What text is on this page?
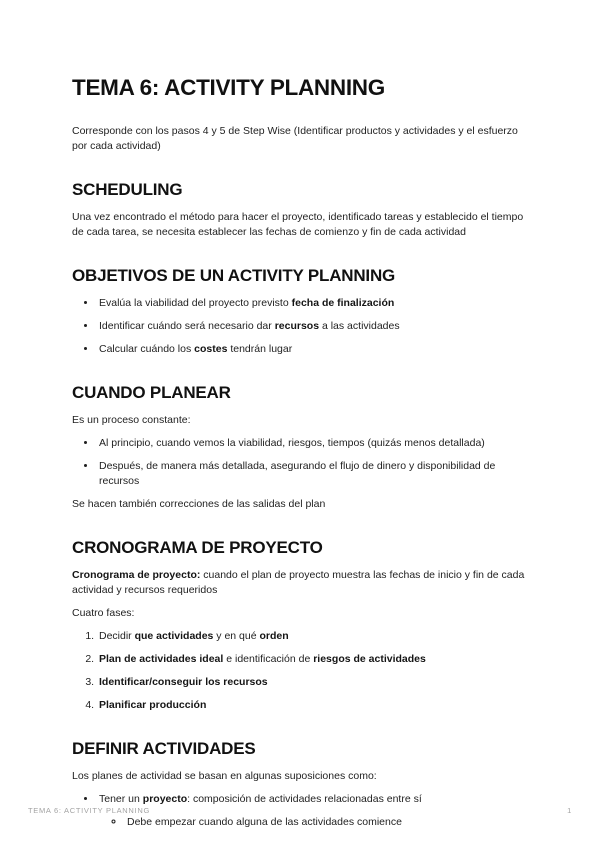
TEMA 6: ACTIVITY PLANNING

Corresponde con los pasos 4 y 5 de Step Wise (Identificar productos y actividades y el esfuerzo por cada actividad)

SCHEDULING

Una vez encontrado el método para hacer el proyecto, identificado tareas y establecido el tiempo de cada tarea, se necesita establecer las fechas de comienzo y fin de cada actividad

OBJETIVOS DE UN ACTIVITY PLANNING
• Evalúa la viabilidad del proyecto previsto fecha de finalización
• Identificar cuándo será necesario dar recursos a las actividades
• Calcular cuándo los costes tendrán lugar
CUANDO PLANEAR

Es un proceso constante:

• Al principio, cuando vemos la viabilidad, riesgos, tiempos (quizás menos detallada)
• Después, de manera más detallada, asegurando el flujo de dinero y disponibilidad de recursos

Se hacen también correcciones de las salidas del plan

CRONOGRAMA DE PROYECTO

Cronograma de proyecto: cuando el plan de proyecto muestra las fechas de inicio y fin de cada actividad y recursos requeridos

Cuatro fases:

1. Decidir que actividades y en qué orden
2. Plan de actividades ideal e identificación de riesgos de actividades
3. Identificar/conseguir los recursos
4. Planificar producción
DEFINIR ACTIVIDADES

Los planes de actividad se basan en algunas suposiciones como:

• Tener un proyecto: composición de actividades relacionadas entre sí
◦ Debe empezar cuando alguna de las actividades comience
TEMA 6: ACTIVITY PLANNING	1
